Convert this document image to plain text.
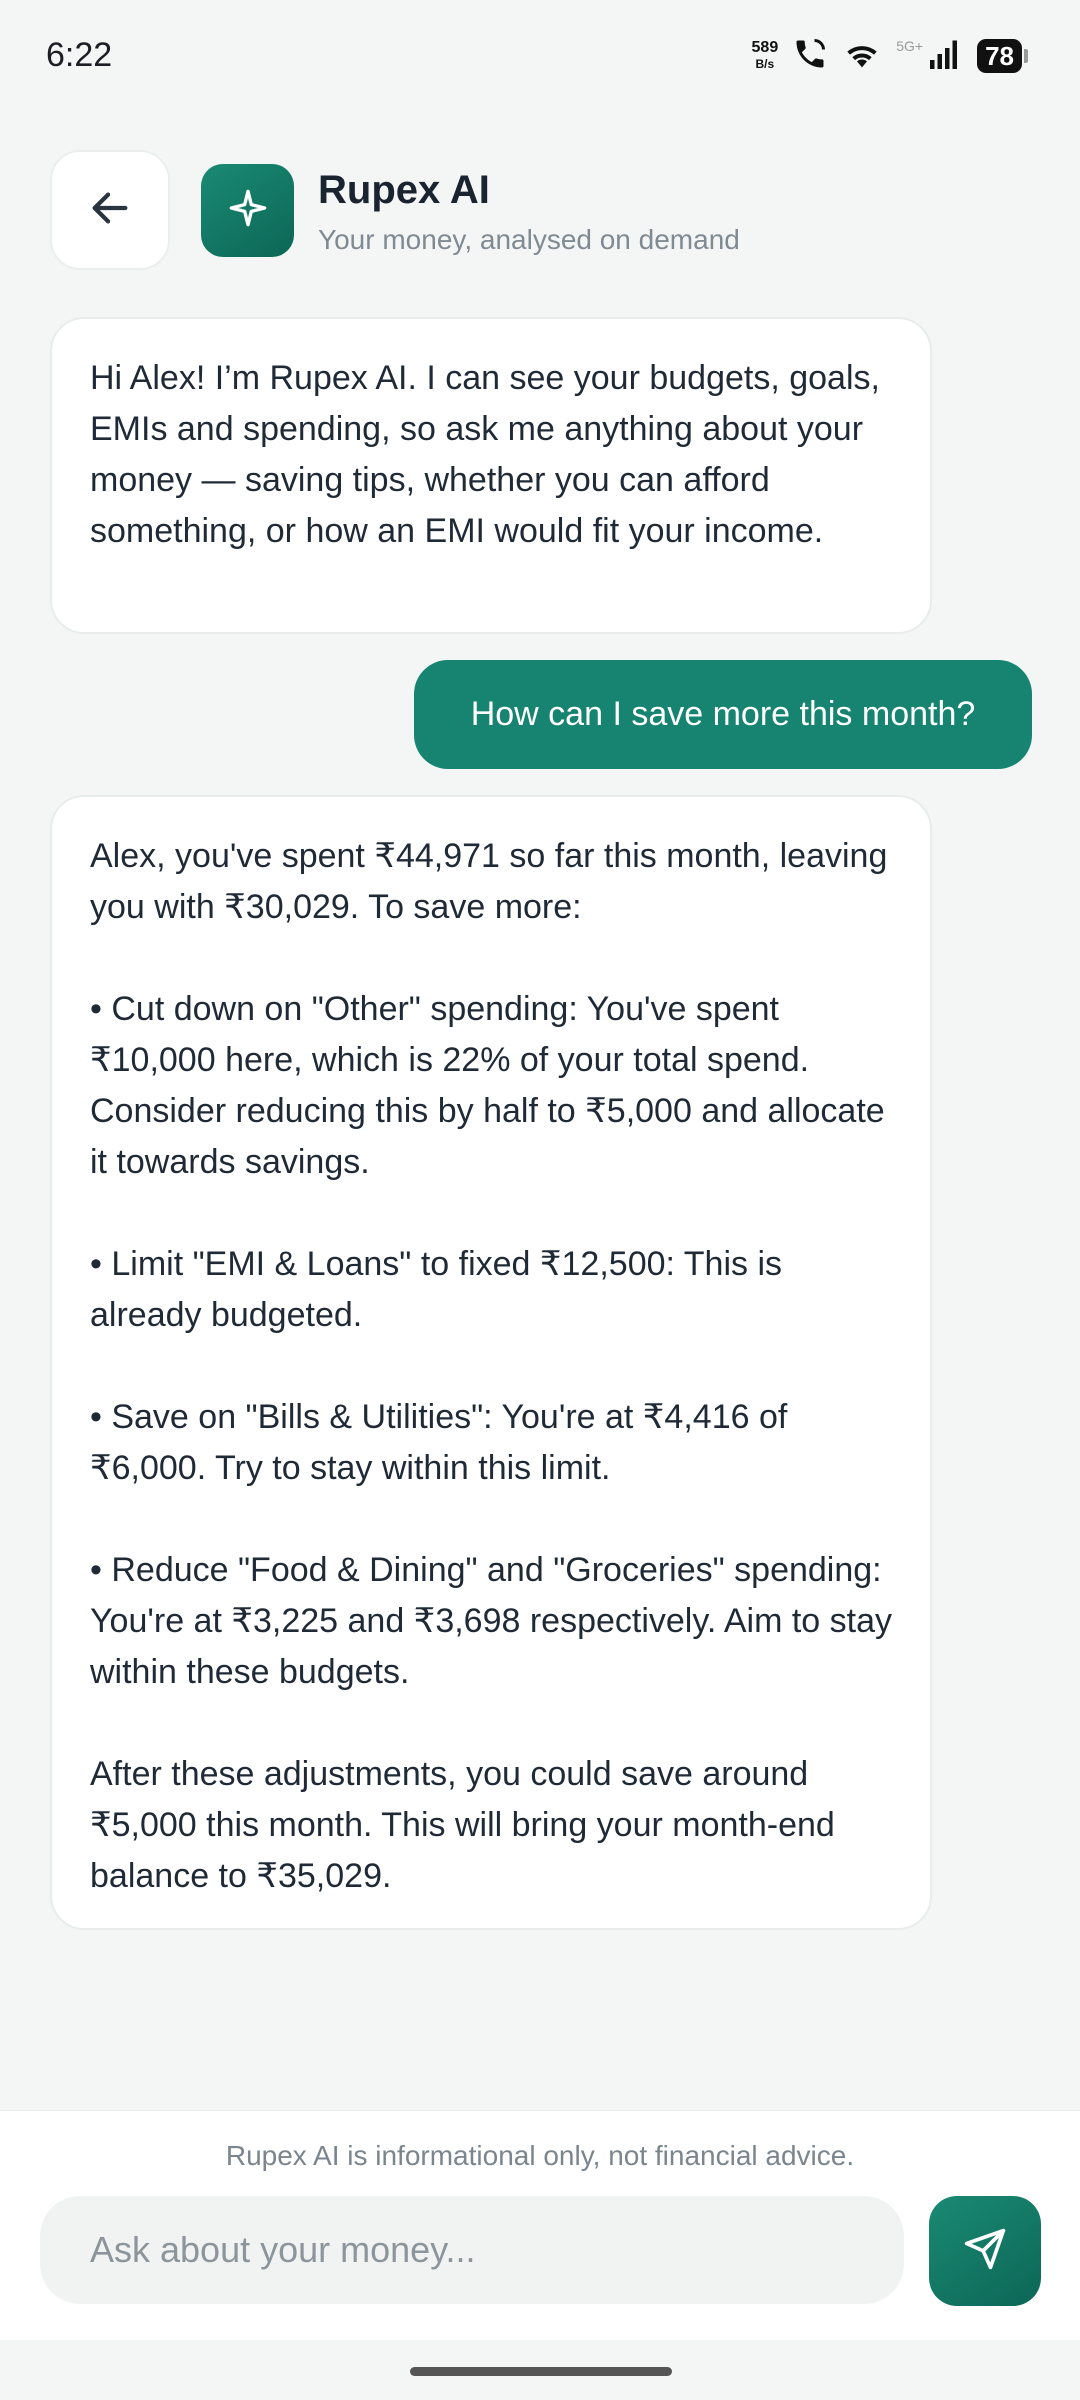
6:22	589
B/s
5G+	78
Rupex AI
Your money, analysed on demand
Hi Alex! I’m Rupex AI. I can see your budgets, goals, EMIs and spending, so ask me anything about your money — saving tips, whether you can afford something, or how an EMI would fit your income.
How can I save more this month?
Alex, you've spent ₹44,971 so far this month, leaving you with ₹30,029. To save more:

• Cut down on "Other" spending: You've spent ₹10,000 here, which is 22% of your total spend. Consider reducing this by half to ₹5,000 and allocate it towards savings.

• Limit "EMI & Loans" to fixed ₹12,500: This is already budgeted.

• Save on "Bills & Utilities": You're at ₹4,416 of ₹6,000. Try to stay within this limit.

• Reduce "Food & Dining" and "Groceries" spending: You're at ₹3,225 and ₹3,698 respectively. Aim to stay within these budgets.

After these adjustments, you could save around ₹5,000 this month. This will bring your month-end balance to ₹35,029.
Rupex AI is informational only, not financial advice.
Ask about your money...
